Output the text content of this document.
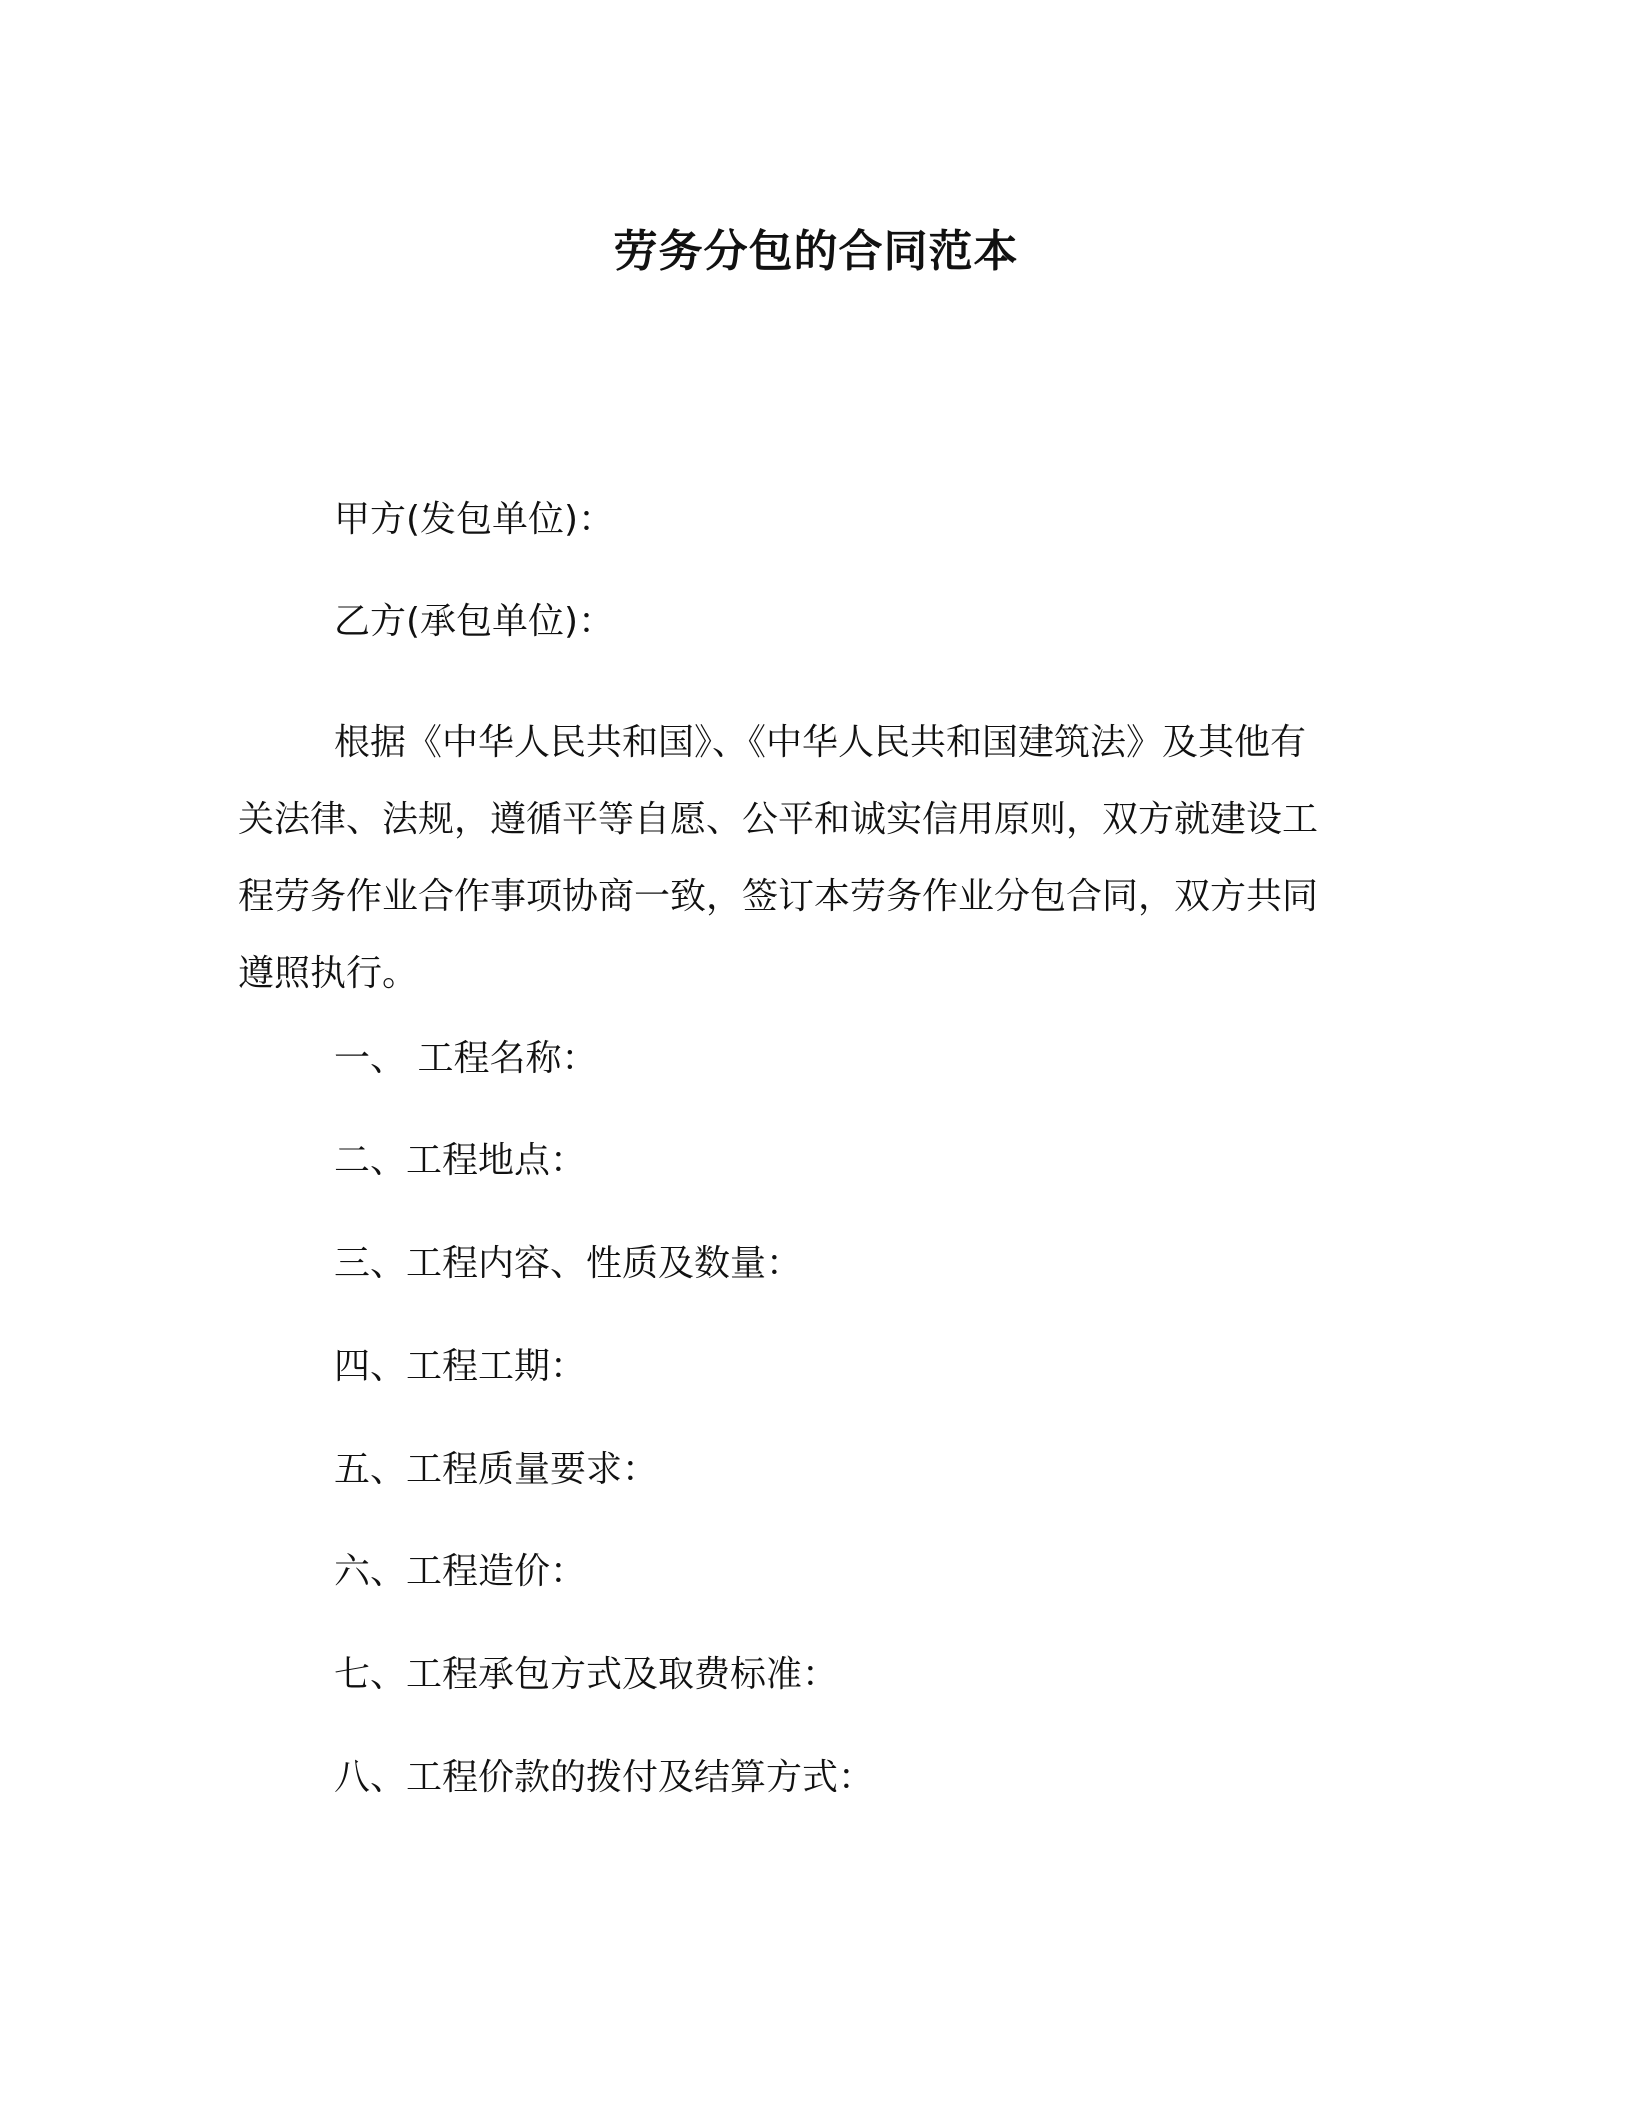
劳务分包的合同范本

甲方(发包单位)：

乙方(承包单位)：

根据《中华人民共和国》、《中华人民共和国建筑法》及其他有
关法律、法规，遵循平等自愿、公平和诚实信用原则，双方就建设工
程劳务作业合作事项协商一致，签订本劳务作业分包合同，双方共同
遵照执行。

一、 工程名称：

二、工程地点：

三、工程内容、性质及数量：

四、工程工期：

五、工程质量要求：

六、工程造价：

七、工程承包方式及取费标准：

八、工程价款的拨付及结算方式：
